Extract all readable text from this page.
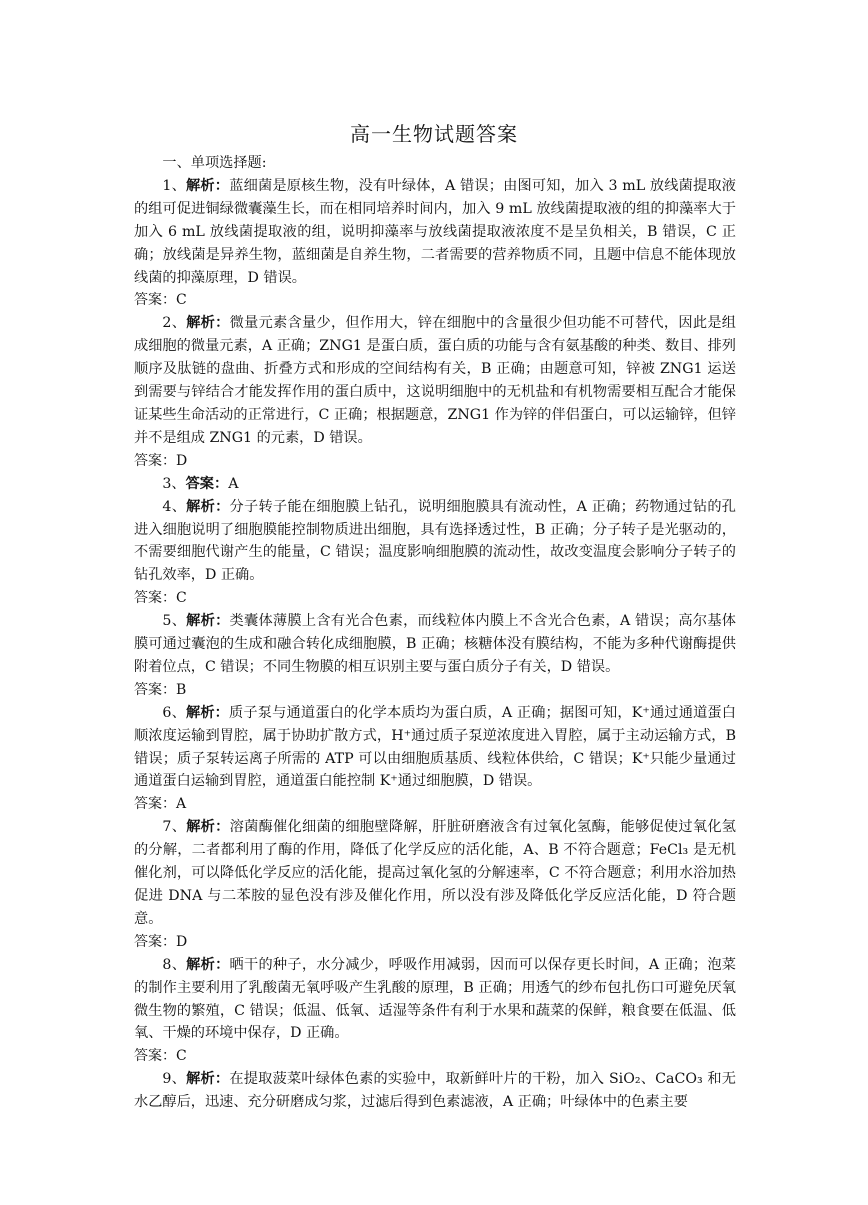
高一生物试题答案

一、单项选择题:

1、解析：蓝细菌是原核生物，没有叶绿体，A 错误；由图可知，加入 3 mL 放线菌提取液的组可促进铜绿微囊藻生长，而在相同培养时间内，加入 9 mL 放线菌提取液的组的抑藻率大于加入 6 mL 放线菌提取液的组，说明抑藻率与放线菌提取液浓度不是呈负相关，B 错误，C 正确；放线菌是异养生物，蓝细菌是自养生物，二者需要的营养物质不同，且题中信息不能体现放线菌的抑藻原理，D 错误。

答案：C

2、解析：微量元素含量少，但作用大，锌在细胞中的含量很少但功能不可替代，因此是组成细胞的微量元素，A 正确；ZNG1 是蛋白质，蛋白质的功能与含有氨基酸的种类、数目、排列顺序及肽链的盘曲、折叠方式和形成的空间结构有关，B 正确；由题意可知，锌被 ZNG1 运送到需要与锌结合才能发挥作用的蛋白质中，这说明细胞中的无机盐和有机物需要相互配合才能保证某些生命活动的正常进行，C 正确；根据题意，ZNG1 作为锌的伴侣蛋白，可以运输锌，但锌并不是组成 ZNG1 的元素，D 错误。

答案：D

3、答案：A

4、解析：分子转子能在细胞膜上钻孔，说明细胞膜具有流动性，A 正确；药物通过钻的孔进入细胞说明了细胞膜能控制物质进出细胞，具有选择透过性，B 正确；分子转子是光驱动的，不需要细胞代谢产生的能量，C 错误；温度影响细胞膜的流动性，故改变温度会影响分子转子的钻孔效率，D 正确。

答案：C

5、解析：类囊体薄膜上含有光合色素，而线粒体内膜上不含光合色素，A 错误；高尔基体膜可通过囊泡的生成和融合转化成细胞膜，B 正确；核糖体没有膜结构，不能为多种代谢酶提供附着位点，C 错误；不同生物膜的相互识别主要与蛋白质分子有关，D 错误。

答案：B

6、解析：质子泵与通道蛋白的化学本质均为蛋白质，A 正确；据图可知，K⁺通过通道蛋白顺浓度运输到胃腔，属于协助扩散方式，H⁺通过质子泵逆浓度进入胃腔，属于主动运输方式，B 错误；质子泵转运离子所需的 ATP 可以由细胞质基质、线粒体供给，C 错误；K⁺只能少量通过通道蛋白运输到胃腔，通道蛋白能控制 K⁺通过细胞膜，D 错误。

答案：A

7、解析：溶菌酶催化细菌的细胞壁降解，肝脏研磨液含有过氧化氢酶，能够促使过氧化氢的分解，二者都利用了酶的作用，降低了化学反应的活化能，A、B 不符合题意；FeCl₃ 是无机催化剂，可以降低化学反应的活化能，提高过氧化氢的分解速率，C 不符合题意；利用水浴加热促进 DNA 与二苯胺的显色没有涉及催化作用，所以没有涉及降低化学反应活化能，D 符合题意。

答案：D

8、解析：晒干的种子，水分减少，呼吸作用减弱，因而可以保存更长时间，A 正确；泡菜的制作主要利用了乳酸菌无氧呼吸产生乳酸的原理，B 正确；用透气的纱布包扎伤口可避免厌氧微生物的繁殖，C 错误；低温、低氧、适湿等条件有利于水果和蔬菜的保鲜，粮食要在低温、低氧、干燥的环境中保存，D 正确。

答案：C

9、解析：在提取菠菜叶绿体色素的实验中，取新鲜叶片的干粉，加入 SiO₂、CaCO₃ 和无水乙醇后，迅速、充分研磨成匀浆，过滤后得到色素滤液，A 正确；叶绿体中的色素主要
